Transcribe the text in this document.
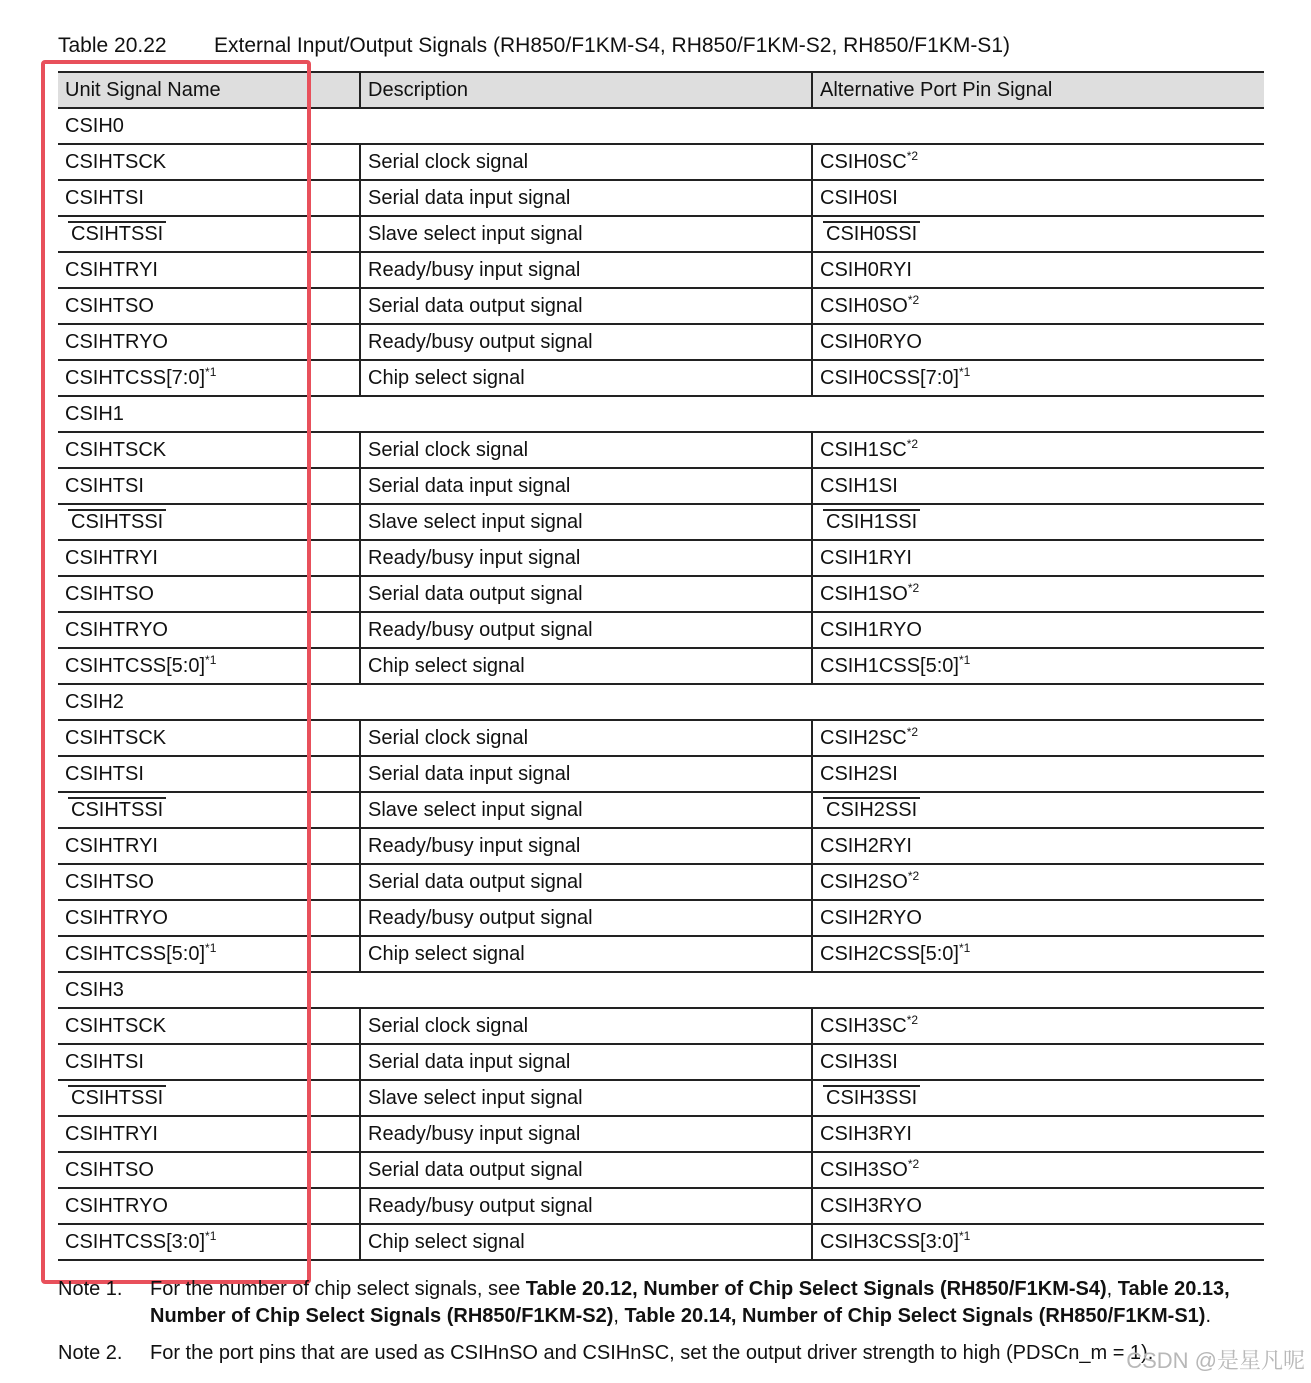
Table 20.22 External Input/Output Signals (RH850/F1KM-S4, RH850/F1KM-S2, RH850/F1KM-S1)
Unit Signal Name	Description	Alternative Port Pin Signal
CSIH0		
CSIHTSCK	Serial clock signal	CSIH0SC$^{*2}$
CSIHTSI	Serial data input signal	CSIH0SI
CSIHTSSI	Slave select input signal	CSIH0SSI
CSIHTRYI	Ready/busy input signal	CSIH0RYI
CSIHTSO	Serial data output signal	CSIH0SO$^{*2}$
CSIHTRYO	Ready/busy output signal	CSIH0RYO
CSIHTCSS[7:0]$^{*1}$	Chip select signal	CSIH0CSS[7:0]$^{*1}$
CSIH1		
CSIHTSCK	Serial clock signal	CSIH1SC$^{*2}$
CSIHTSI	Serial data input signal	CSIH1SI
CSIHTSSI	Slave select input signal	CSIH1SSI
CSIHTRYI	Ready/busy input signal	CSIH1RYI
CSIHTSO	Serial data output signal	CSIH1SO$^{*2}$
CSIHTRYO	Ready/busy output signal	CSIH1RYO
CSIHTCSS[5:0]$^{*1}$	Chip select signal	CSIH1CSS[5:0]$^{*1}$
CSIH2		
CSIHTSCK	Serial clock signal	CSIH2SC$^{*2}$
CSIHTSI	Serial data input signal	CSIH2SI
CSIHTSSI	Slave select input signal	CSIH2SSI
CSIHTRYI	Ready/busy input signal	CSIH2RYI
CSIHTSO	Serial data output signal	CSIH2SO$^{*2}$
CSIHTRYO	Ready/busy output signal	CSIH2RYO
CSIHTCSS[5:0]$^{*1}$	Chip select signal	CSIH2CSS[5:0]$^{*1}$
CSIH3		
CSIHTSCK	Serial clock signal	CSIH3SC$^{*2}$
CSIHTSI	Serial data input signal	CSIH3SI
CSIHTSSI	Slave select input signal	CSIH3SSI
CSIHTRYI	Ready/busy input signal	CSIH3RYI
CSIHTSO	Serial data output signal	CSIH3SO$^{*2}$
CSIHTRYO	Ready/busy output signal	CSIH3RYO
CSIHTCSS[3:0]$^{*1}$	Chip select signal	CSIH3CSS[3:0]$^{*1}$
Note 1. For the number of chip select signals, see Table 20.12, Number of Chip Select Signals (RH850/F1KM-S4), Table 20.13, Number of Chip Select Signals (RH850/F1KM-S2), Table 20.14, Number of Chip Select Signals (RH850/F1KM-S1).
Note 2. For the port pins that are used as CSIHnSO and CSIHnSC, set the output driver strength to high (PDSCn_m = 1).
CSDN @是星凡呢
